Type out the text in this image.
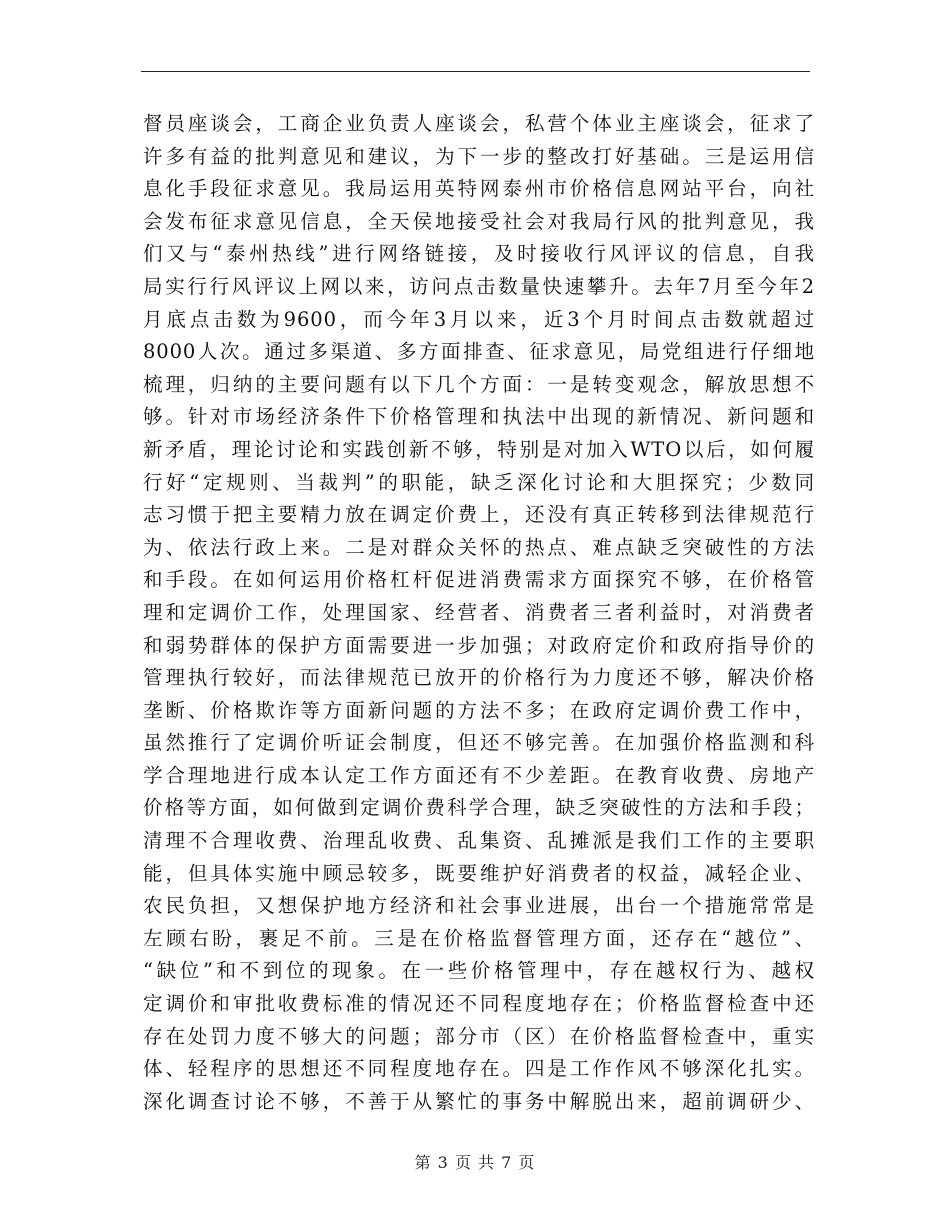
督员座谈会，工商企业负责人座谈会，私营个体业主座谈会，征求了
许多有益的批判意见和建议，为下一步的整改打好基础。三是运用信
息化手段征求意见。我局运用英特网泰州市价格信息网站平台，向社
会发布征求意见信息，全天侯地接受社会对我局行风的批判意见，我
们又与“泰州热线”进行网络链接，及时接收行风评议的信息，自我
局实行行风评议上网以来，访问点击数量快速攀升。去年7月至今年2
月底点击数为9600，而今年3月以来，近3个月时间点击数就超过
8000人次。通过多渠道、多方面排查、征求意见，局党组进行仔细地
梳理，归纳的主要问题有以下几个方面：一是转变观念，解放思想不
够。针对市场经济条件下价格管理和执法中出现的新情况、新问题和
新矛盾，理论讨论和实践创新不够，特别是对加入WTO以后，如何履
行好“定规则、当裁判”的职能，缺乏深化讨论和大胆探究；少数同
志习惯于把主要精力放在调定价费上，还没有真正转移到法律规范行
为、依法行政上来。二是对群众关怀的热点、难点缺乏突破性的方法
和手段。在如何运用价格杠杆促进消费需求方面探究不够，在价格管
理和定调价工作，处理国家、经营者、消费者三者利益时，对消费者
和弱势群体的保护方面需要进一步加强；对政府定价和政府指导价的
管理执行较好，而法律规范已放开的价格行为力度还不够，解决价格
垄断、价格欺诈等方面新问题的方法不多；在政府定调价费工作中，
虽然推行了定调价听证会制度，但还不够完善。在加强价格监测和科
学合理地进行成本认定工作方面还有不少差距。在教育收费、房地产
价格等方面，如何做到定调价费科学合理，缺乏突破性的方法和手段；
清理不合理收费、治理乱收费、乱集资、乱摊派是我们工作的主要职
能，但具体实施中顾忌较多，既要维护好消费者的权益，减轻企业、
农民负担，又想保护地方经济和社会事业进展，出台一个措施常常是
左顾右盼，裹足不前。三是在价格监督管理方面，还存在“越位”、
“缺位”和不到位的现象。在一些价格管理中，存在越权行为、越权
定调价和审批收费标准的情况还不同程度地存在；价格监督检查中还
存在处罚力度不够大的问题；部分市（区）在价格监督检查中，重实
体、轻程序的思想还不同程度地存在。四是工作作风不够深化扎实。
深化调查讨论不够，不善于从繁忙的事务中解脱出来，超前调研少、
第 3 页 共 7 页
